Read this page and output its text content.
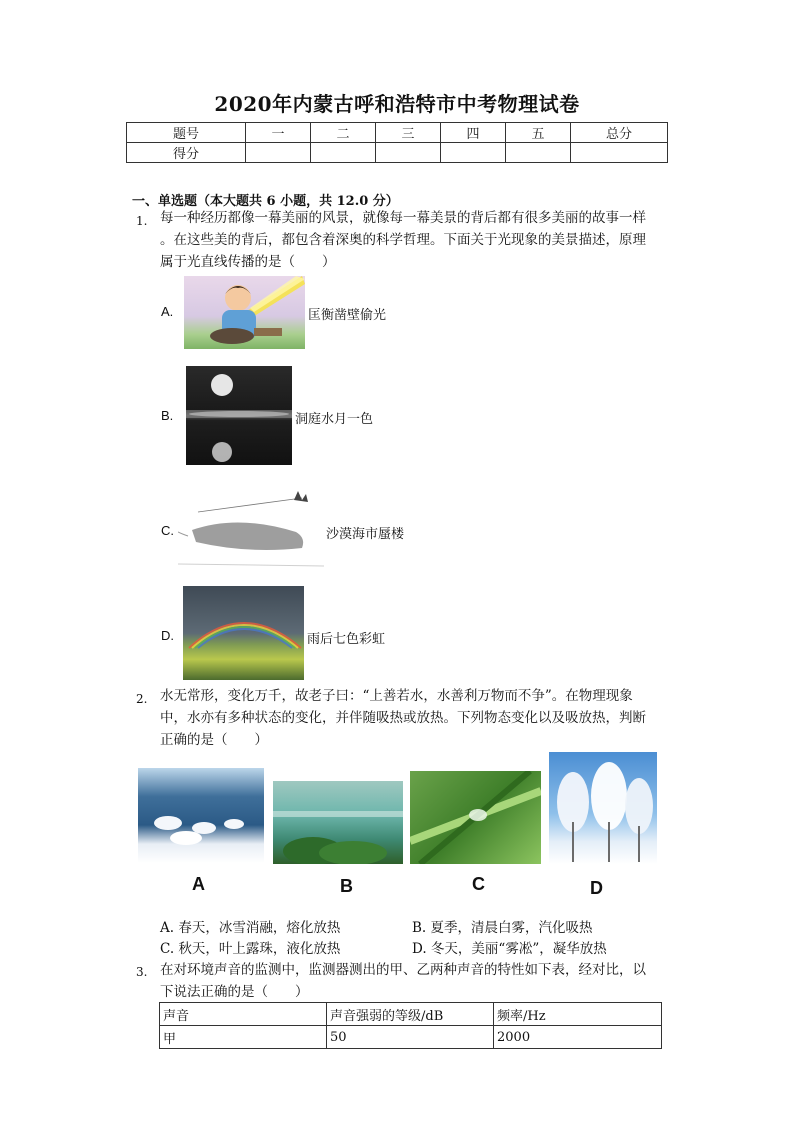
2020年内蒙古呼和浩特市中考物理试卷
题号	一	二	三	四	五	总分
得分						
一、单选题（本大题共 6 小题，共 12.0 分）
1. 每一种经历都像一幕美丽的风景，就像每一幕美景的背后都有很多美丽的故事一样
。在这些美的背后，都包含着深奥的科学哲理。下面关于光现象的美景描述，原理
属于光直线传播的是（　　）
A.	匡衡凿壁偷光
B.	洞庭水月一色
C.	沙漠海市蜃楼
D.	雨后七色彩虹
2. 水无常形，变化万千，故老子曰：“上善若水，水善利万物而不争”。在物理现象
中，水亦有多种状态的变化，并伴随吸热或放热。下列物态变化以及吸放热，判断
正确的是（　　）
A	B	C	D
A. 春天，冰雪消融，熔化放热	B. 夏季，清晨白雾，汽化吸热
C. 秋天，叶上露珠，液化放热	D. 冬天，美丽“雾凇”，凝华放热
3. 在对环境声音的监测中，监测器测出的甲、乙两种声音的特性如下表，经对比，以
下说法正确的是（　　）
声音	声音强弱的等级/dB	频率/Hz
甲	50	2000
